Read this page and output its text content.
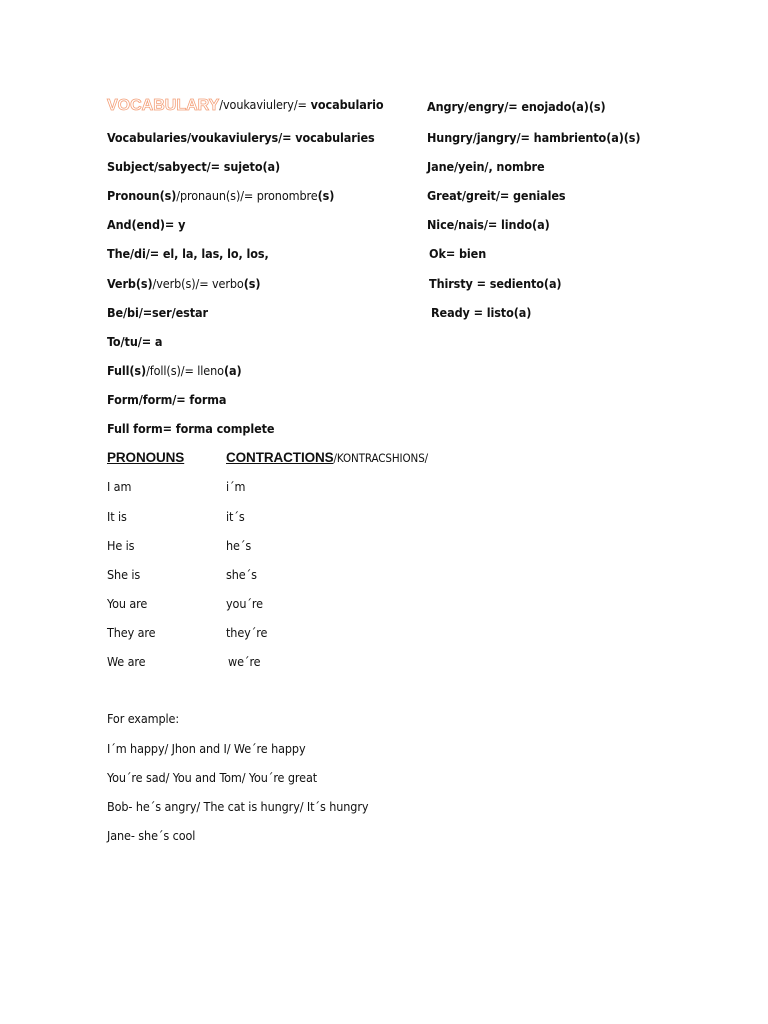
VOCABULARY/voukaviulery/= vocabulario
Vocabularies/voukaviulerys/= vocabularies
Subject/sabyect/= sujeto(a)
Pronoun(s)/pronaun(s)/= pronombre(s)
And(end)= y
The/di/= el, la, las, lo, los,
Verb(s)/verb(s)/= verbo(s)
Be/bi/=ser/estar
To/tu/= a
Full(s)/foll(s)/= lleno(a)
Form/form/= forma
Full form= forma complete
Angry/engry/= enojado(a)(s)
Hungry/jangry/= hambriento(a)(s)
Jane/yein/, nombre
Great/greit/= geniales
Nice/nais/= lindo(a)
Ok= bien
Thirsty = sediento(a)
Ready = listo(a)
PRONOUNS	CONTRACTIONS/KONTRACSHIONS/
I am	i´m
It is	it´s
He is	he´s
She is	she´s
You are	you´re
They are	they´re
We are	we´re
For example:
I´m happy/ Jhon and I/ We´re happy
You´re sad/ You and Tom/ You´re great
Bob- he´s angry/ The cat is hungry/ It´s hungry
Jane- she´s cool
